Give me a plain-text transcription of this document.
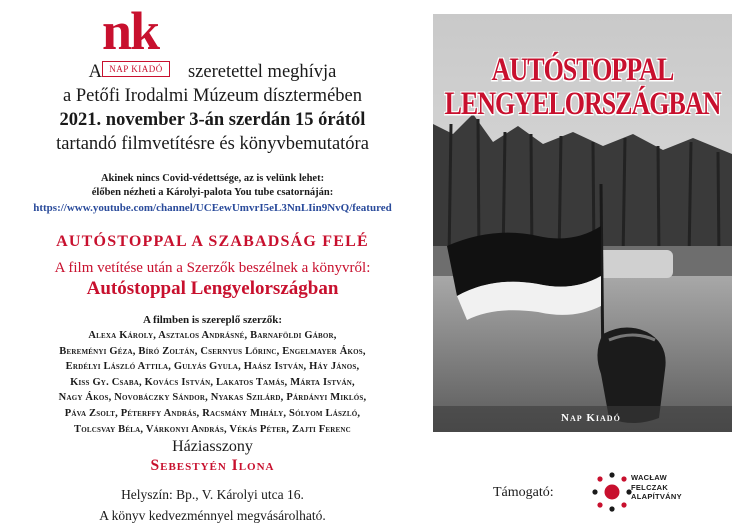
nk
NAP KIADÓ
A	szeretettel meghívja
a Petőfi Irodalmi Múzeum dísztermében
2021. november 3-án szerdán 15 órától
tartandó filmvetítésre és könyvbemutatóra
Akinek nincs Covid-védettsége, az is velünk lehet:
élőben nézheti a Károlyi-palota You tube csatornáján:
https://www.youtube.com/channel/UCEewUmvrI5eL3NnLIin9NvQ/featured
AUTÓSTOPPAL A SZABADSÁG FELÉ
A film vetítése után a Szerzők beszélnek a könyvről:
Autóstoppal Lengyelországban
A filmben is szereplő szerzők:
Alexa Károly, Asztalos Andrásné, Barnaföldi Gábor,
Bereményi Géza, Bíró Zoltán, Csernyus Lőrinc, Engelmayer Ákos,
Erdélyi László Attila, Gulyás Gyula, Haász István, Háy János,
Kiss Gy. Csaba, Kovács István, Lakatos Tamás, Márta István,
Nagy Ákos, Novobáczky Sándor, Nyakas Szilárd, Párdányi Miklós,
Páva Zsolt, Péterffy András, Racsmány Mihály, Sólyom László,
Tolcsvay Béla, Várkonyi András, Vékás Péter, Zajti Ferenc
Háziasszony
Sebestyén Ilona
Helyszín: Bp., V. Károlyi utca 16.
A könyv kedvezménnyel megvásárolható.
AUTÓSTOPPAL
LENGYELORSZÁGBAN
Nap Kiadó
Támogató:
WACŁAW
FELCZAK
ALAPÍTVÁNY
